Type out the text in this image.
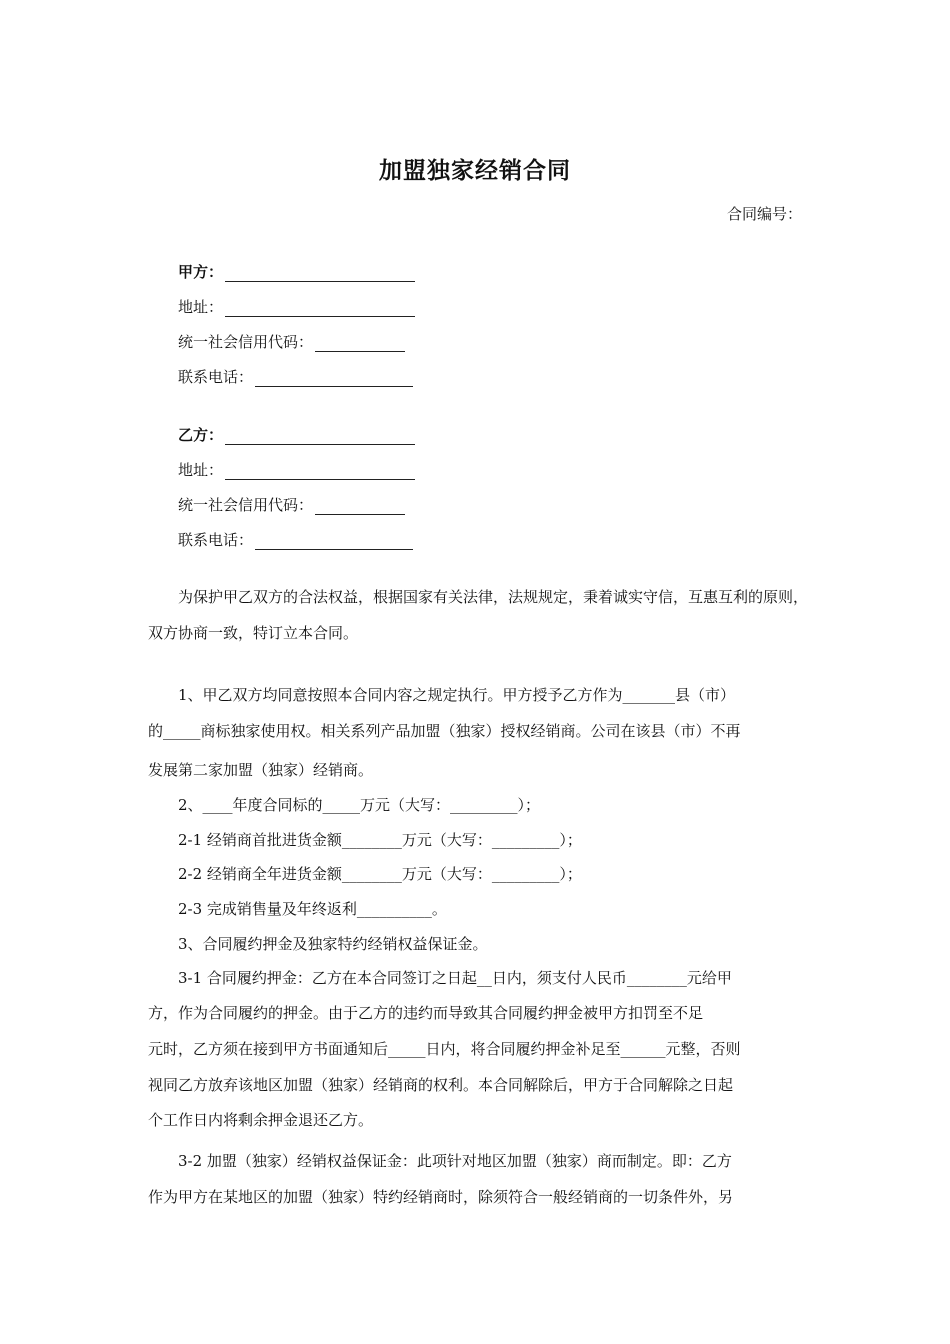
加盟独家经销合同
合同编号：
甲方：
地址：
统一社会信用代码：
联系电话：
乙方：
地址：
统一社会信用代码：
联系电话：

为保护甲乙双方的合法权益，根据国家有关法律，法规规定，秉着诚实守信，互惠互利的原则，双方协商一致，特订立本合同。

1、甲乙双方均同意按照本合同内容之规定执行。甲方授予乙方作为_______县（市）
的_____商标独家使用权。相关系列产品加盟（独家）授权经销商。公司在该县（市）不再
发展第二家加盟（独家）经销商。
2、____年度合同标的_____万元（大写：_________）；
2-1 经销商首批进货金额________万元（大写：_________）；
2-2 经销商全年进货金额________万元（大写：_________）；
2-3 完成销售量及年终返利__________。
3、合同履约押金及独家特约经销权益保证金。
3-1 合同履约押金：乙方在本合同签订之日起__日内，须支付人民币________元给甲
方，作为合同履约的押金。由于乙方的违约而导致其合同履约押金被甲方扣罚至不足
元时，乙方须在接到甲方书面通知后_____日内，将合同履约押金补足至______元整，否则
视同乙方放弃该地区加盟（独家）经销商的权利。本合同解除后，甲方于合同解除之日起
个工作日内将剩余押金退还乙方。
3-2 加盟（独家）经销权益保证金：此项针对地区加盟（独家）商而制定。即：乙方
作为甲方在某地区的加盟（独家）特约经销商时，除须符合一般经销商的一切条件外，另
